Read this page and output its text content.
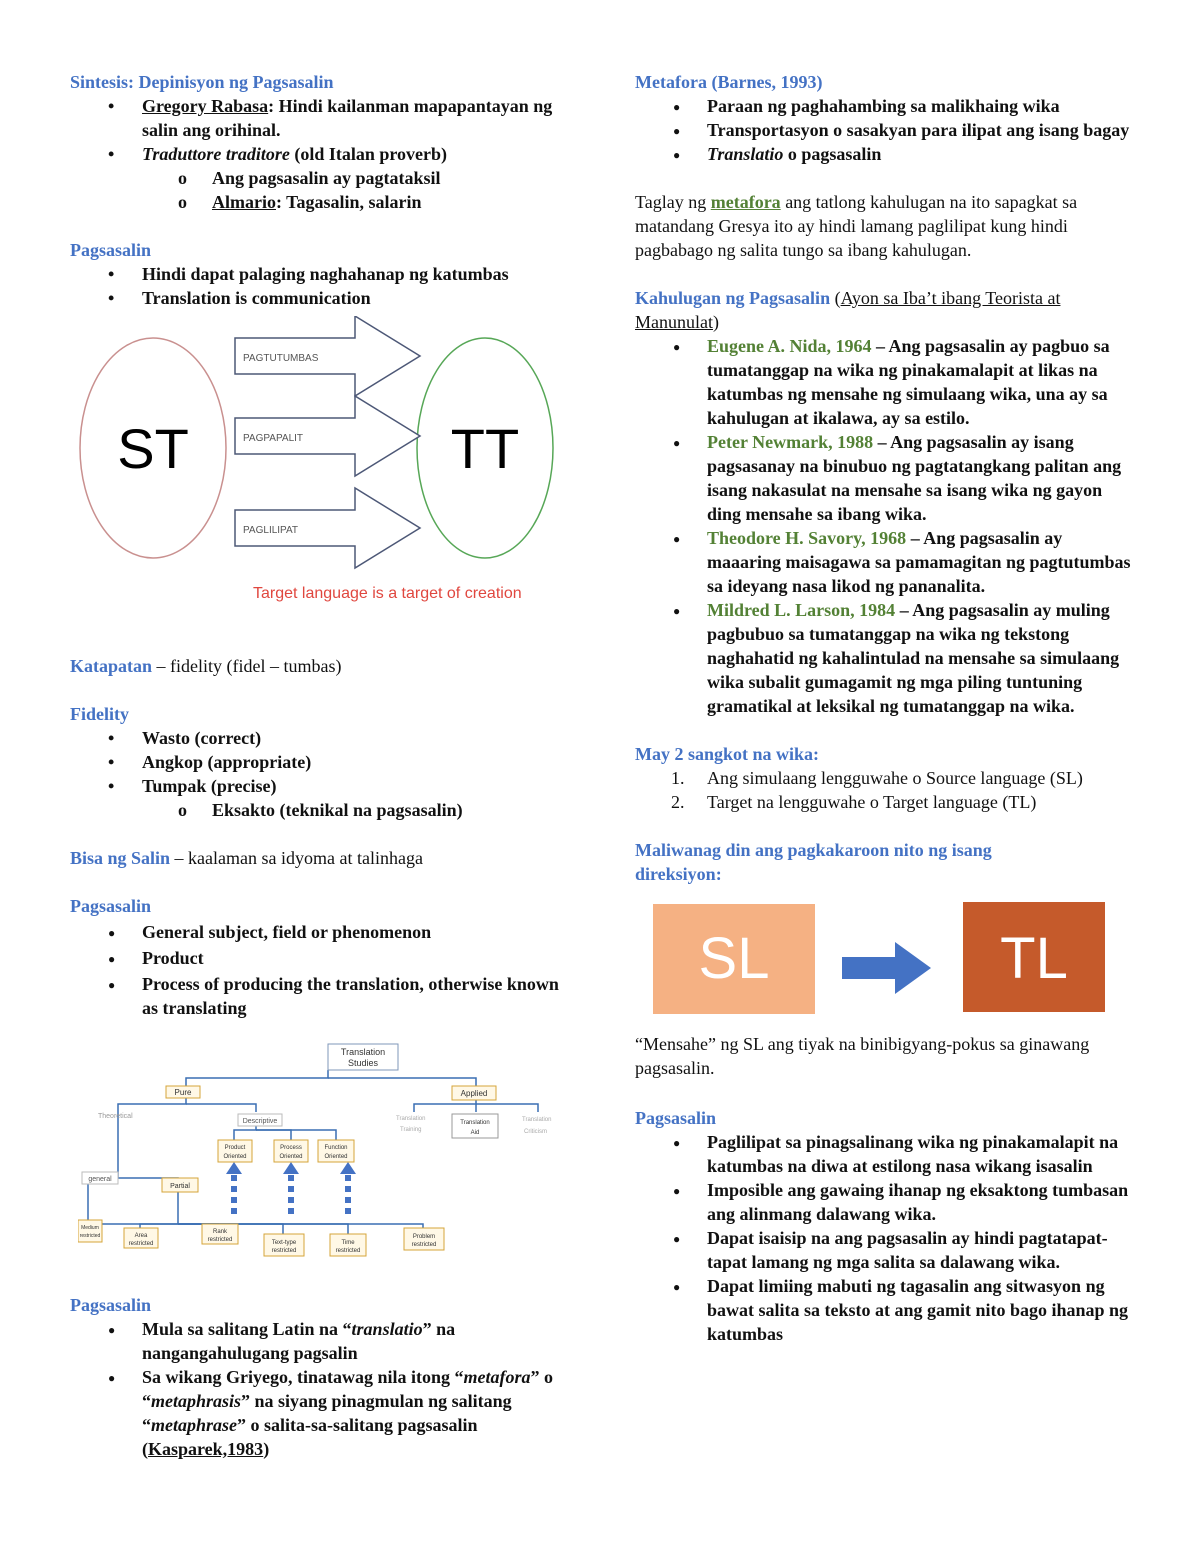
Sintesis: Depinisyon ng Pagsasalin
• Gregory Rabasa: Hindi kailanman mapapantayan ng salin ang orihinal.
• Traduttore traditore (old Italan proverb)
o Ang pagsasalin ay pagtataksil
o Almario: Tagasalin, salarin
Pagsasalin
• Hindi dapat palaging naghahanap ng katumbas
• Translation is communication
ST	TT
PAGTUTUMBAS
PAGPAPALIT
PAGLILIPAT
Target language is a target of creation
Katapatan – fidelity (fidel – tumbas)
Fidelity
• Wasto (correct)
• Angkop (appropriate)
• Tumpak (precise)
o Eksakto (teknikal na pagsasalin)
Bisa ng Salin – kaalaman sa idyoma at talinhaga
Pagsasalin
● General subject, field or phenomenon
● Product
● Process of producing the translation, otherwise known as translating
Translation
Studies
Pure	Applied
Theoretical
Descriptive	Translation
Training
Translation
Aid
Translation
Criticism
Product
Oriented
Process
Oriented
Function
Oriented
general
Partial
Medium
restricted	Area
restricted
Rank
restricted	Text-type
restricted
Time
restricted
Problem
restricted
Pagsasalin
● Mula sa salitang Latin na “translatio” na nangangahulugang pagsalin
● Sa wikang Griyego, tinatawag nila itong “metafora” o “metaphrasis” na siyang pinagmulan ng salitang “metaphrase” o salita-sa-salitang pagsasalin (Kasparek,1983)
Metafora (Barnes, 1993)
● Paraan ng paghahambing sa malikhaing wika
● Transportasyon o sasakyan para ilipat ang isang bagay
● Translatio o pagsasalin
Taglay ng metafora ang tatlong kahulugan na ito sapagkat sa matandang Gresya ito ay hindi lamang paglilipat kung hindi pagbabago ng salita tungo sa ibang kahulugan.
Kahulugan ng Pagsasalin (Ayon sa Iba’t ibang Teorista at Manunulat)
● Eugene A. Nida, 1964 – Ang pagsasalin ay pagbuo sa tumatanggap na wika ng pinakamalapit at likas na katumbas ng mensahe ng simulaang wika, una ay sa kahulugan at ikalawa, ay sa estilo.
● Peter Newmark, 1988 – Ang pagsasalin ay isang pagsasanay na binubuo ng pagtatangkang palitan ang isang nakasulat na mensahe sa isang wika ng gayon ding mensahe sa ibang wika.
● Theodore H. Savory, 1968 – Ang pagsasalin ay maaaring maisagawa sa pamamagitan ng pagtutumbas sa ideyang nasa likod ng pananalita.
● Mildred L. Larson, 1984 – Ang pagsasalin ay muling pagbubuo sa tumatanggap na wika ng tekstong naghahatid ng kahalintulad na mensahe sa simulaang wika subalit gumagamit ng mga piling tuntuning gramatikal at leksikal ng tumatanggap na wika.
May 2 sangkot na wika:
1. Ang simulaang lengguwahe o Source language (SL)
2. Target na lengguwahe o Target language (TL)
Maliwanag din ang pagkakaroon nito ng isang direksiyon:
SL	TL
“Mensahe” ng SL ang tiyak na binibigyang-pokus sa ginawang pagsasalin.
Pagsasalin
● Paglilipat sa pinagsalinang wika ng pinakamalapit na katumbas na diwa at estilong nasa wikang isasalin
● Imposible ang gawaing ihanap ng eksaktong tumbasan ang alinmang dalawang wika.
● Dapat isaisip na ang pagsasalin ay hindi pagtatapat-tapat lamang ng mga salita sa dalawang wika.
● Dapat limiing mabuti ng tagasalin ang sitwasyon ng bawat salita sa teksto at ang gamit nito bago ihanap ng katumbas
